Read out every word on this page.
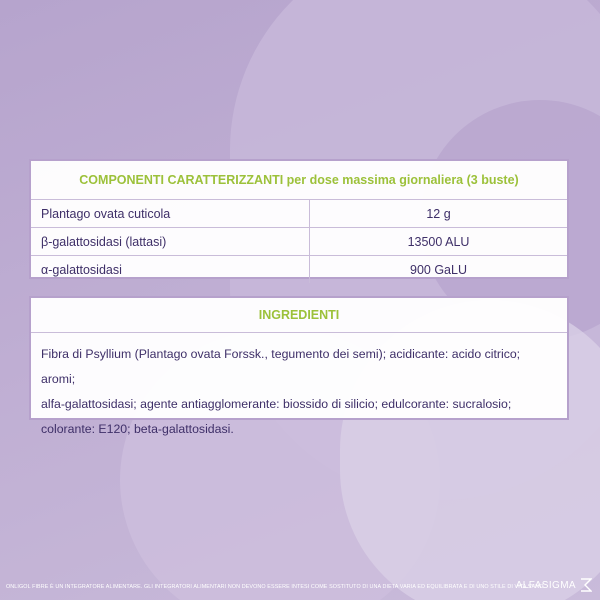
COMPONENTI CARATTERIZZANTI per dose massima giornaliera (3 buste)
Plantago ovata cuticola	12 g
β-galattosidasi (lattasi)	13500 ALU
α-galattosidasi	900 GaLU
INGREDIENTI
Fibra di Psyllium (Plantago ovata Forssk., tegumento dei semi); acidicante: acido citrico; aromi;
alfa-galattosidasi; agente antiagglomerante: biossido di silicio; edulcorante: sucralosio;
colorante: E120; beta-galattosidasi.
ONLIGOL FIBRE È UN INTEGRATORE ALIMENTARE. GLI INTEGRATORI ALIMENTARI NON DEVONO ESSERE INTESI COME SOSTITUTO DI UNA DIETA VARIA ED EQUILIBRATA E DI UNO STILE DI VITA SANO.
ALFASIGMA
